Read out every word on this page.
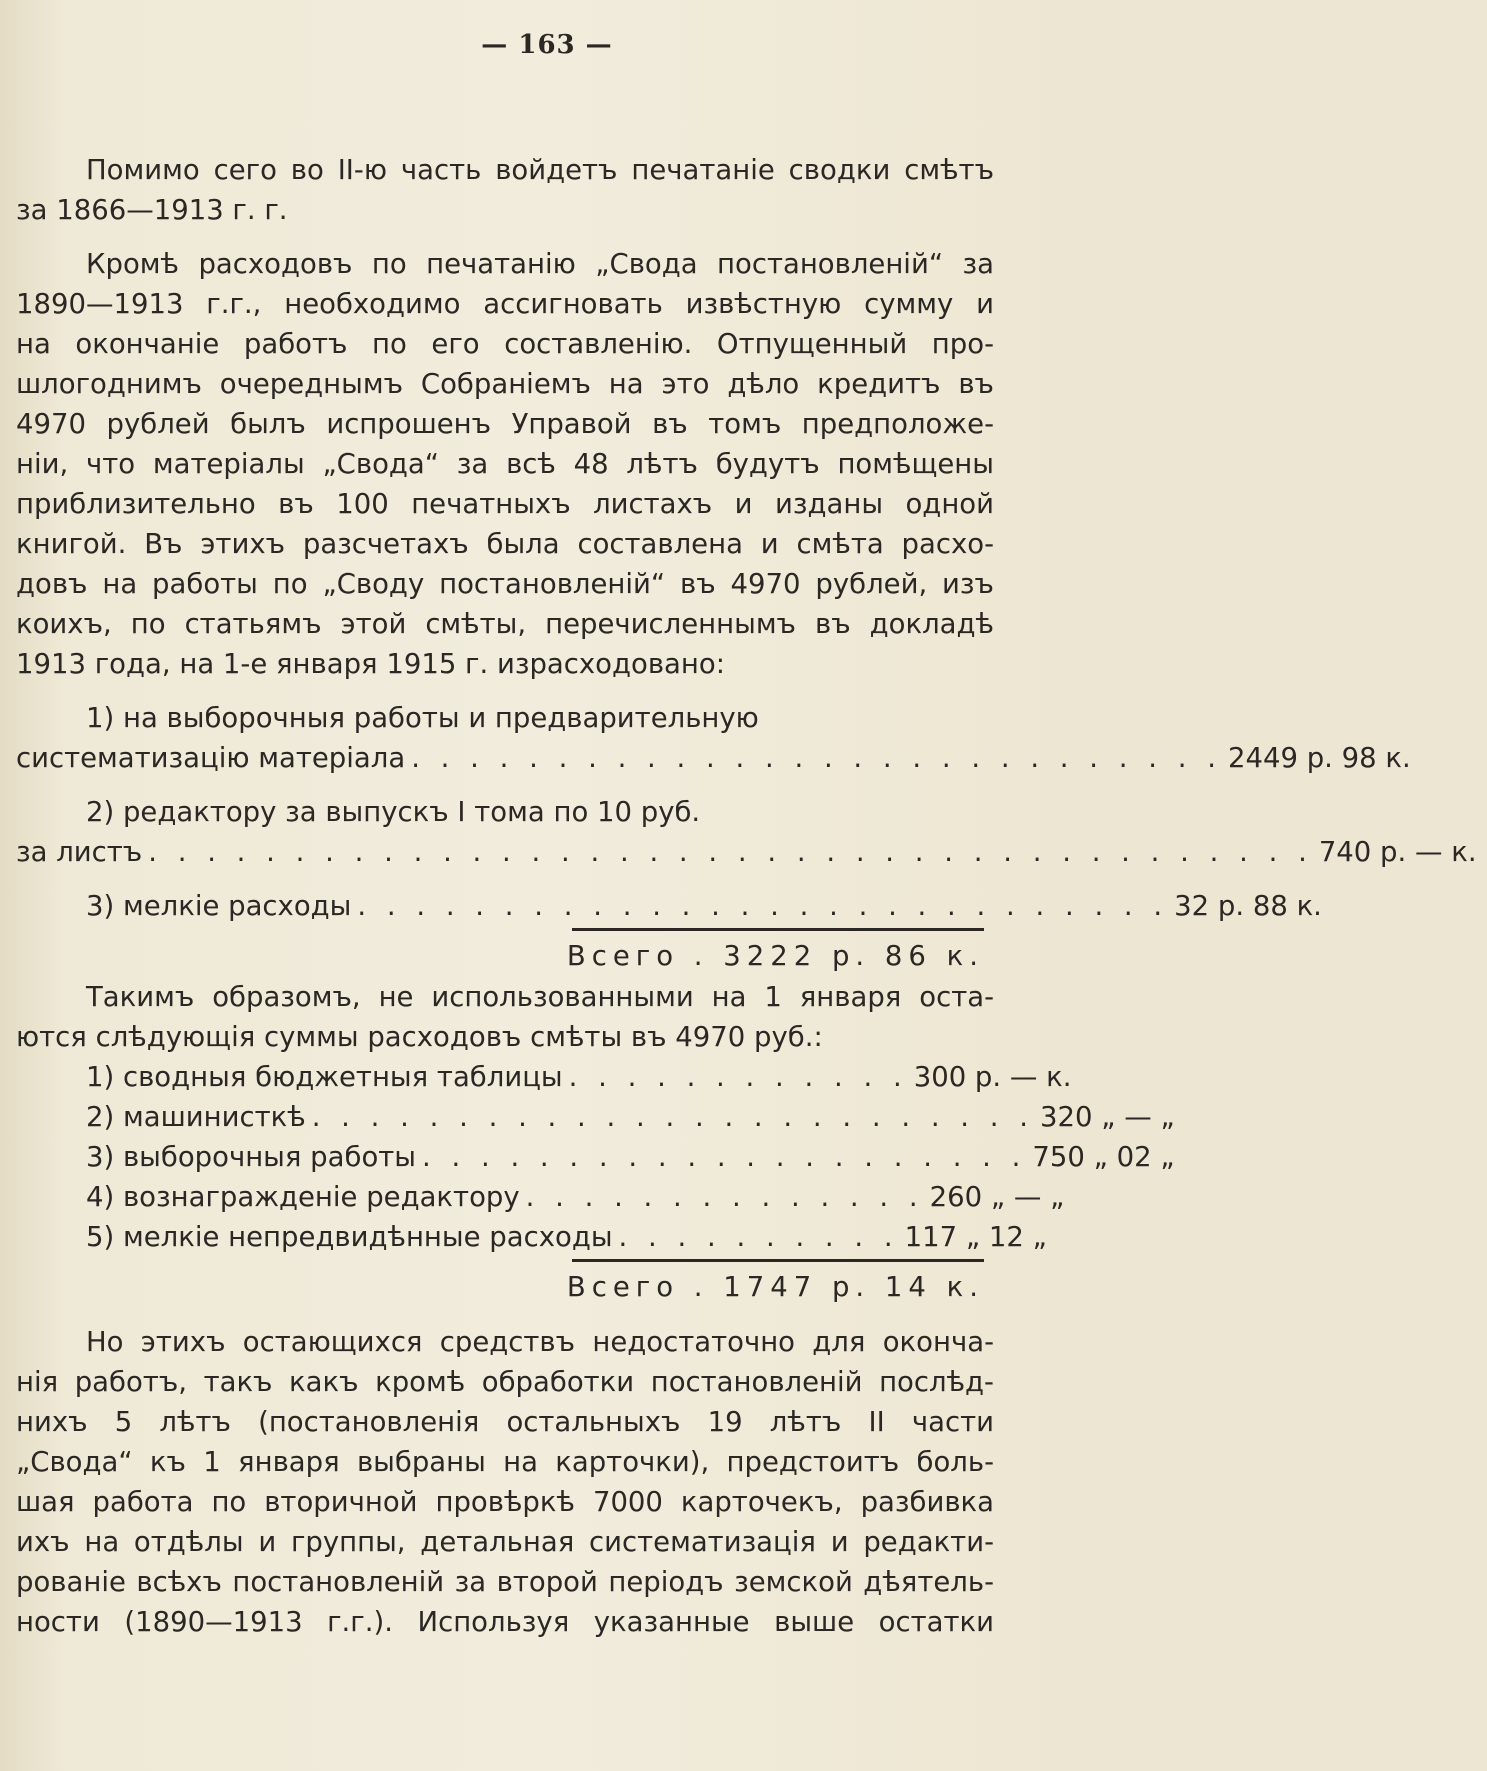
— 163 —
Помимо сего во II-ю часть войдетъ печатаніе сводки смѣтъ
за 1866—1913 г. г.
Кромѣ расходовъ по печатанію „Свода постановленій“ за
1890—1913 г.г., необходимо ассигновать извѣстную сумму и
на окончаніе работъ по его составленію. Отпущенный про-
шлогоднимъ очереднымъ Собраніемъ на это дѣло кредитъ въ
4970 рублей былъ испрошенъ Управой въ томъ предположе-
ніи, что матеріалы „Свода“ за всѣ 48 лѣтъ будутъ помѣщены
приблизительно въ 100 печатныхъ листахъ и изданы одной
книгой. Въ этихъ разсчетахъ была составлена и смѣта расхо-
довъ на работы по „Своду постановленій“ въ 4970 рублей, изъ
коихъ, по статьямъ этой смѣты, перечисленнымъ въ докладѣ
1913 года, на 1-е января 1915 г. израсходовано:
1) на выборочныя работы и предварительную
систематизацію матеріала . . . . . . . . . . . . . . . . . . . . . . . . . . . . 2449 р. 98 к.
2) редактору за выпускъ I тома по 10 руб.
за листъ . . . . . . . . . . . . . . . . . . . . . . . . . . . . . . . . . . . . . . . . 740 р. — к.
3) мелкіе расходы . . . . . . . . . . . . . . . . . . . . . . . . . . . . 32 р. 88 к.
Всего . 3222 р. 86 к.
Такимъ образомъ, не использованными на 1 января оста-
ются слѣдующія суммы расходовъ смѣты въ 4970 руб.:
1) сводныя бюджетныя таблицы . . . . . . . . . . . . 300 р. — к.
2) машинисткѣ . . . . . . . . . . . . . . . . . . . . . . . . . 320 „ — „
3) выборочныя работы . . . . . . . . . . . . . . . . . . . . . 750 „ 02 „
4) вознагражденіе редактору . . . . . . . . . . . . . . 260 „ — „
5) мелкіе непредвидѣнные расходы . . . . . . . . . . 117 „ 12 „
Всего . 1747 р. 14 к.
Но этихъ остающихся средствъ недостаточно для оконча-
нія работъ, такъ какъ кромѣ обработки постановленій послѣд-
нихъ 5 лѣтъ (постановленія остальныхъ 19 лѣтъ II части
„Свода“ къ 1 января выбраны на карточки), предстоитъ боль-
шая работа по вторичной провѣркѣ 7000 карточекъ, разбивка
ихъ на отдѣлы и группы, детальная систематизація и редакти-
рованіе всѣхъ постановленій за второй періодъ земской дѣятель-
ности (1890—1913 г.г.). Используя указанные выше остатки
